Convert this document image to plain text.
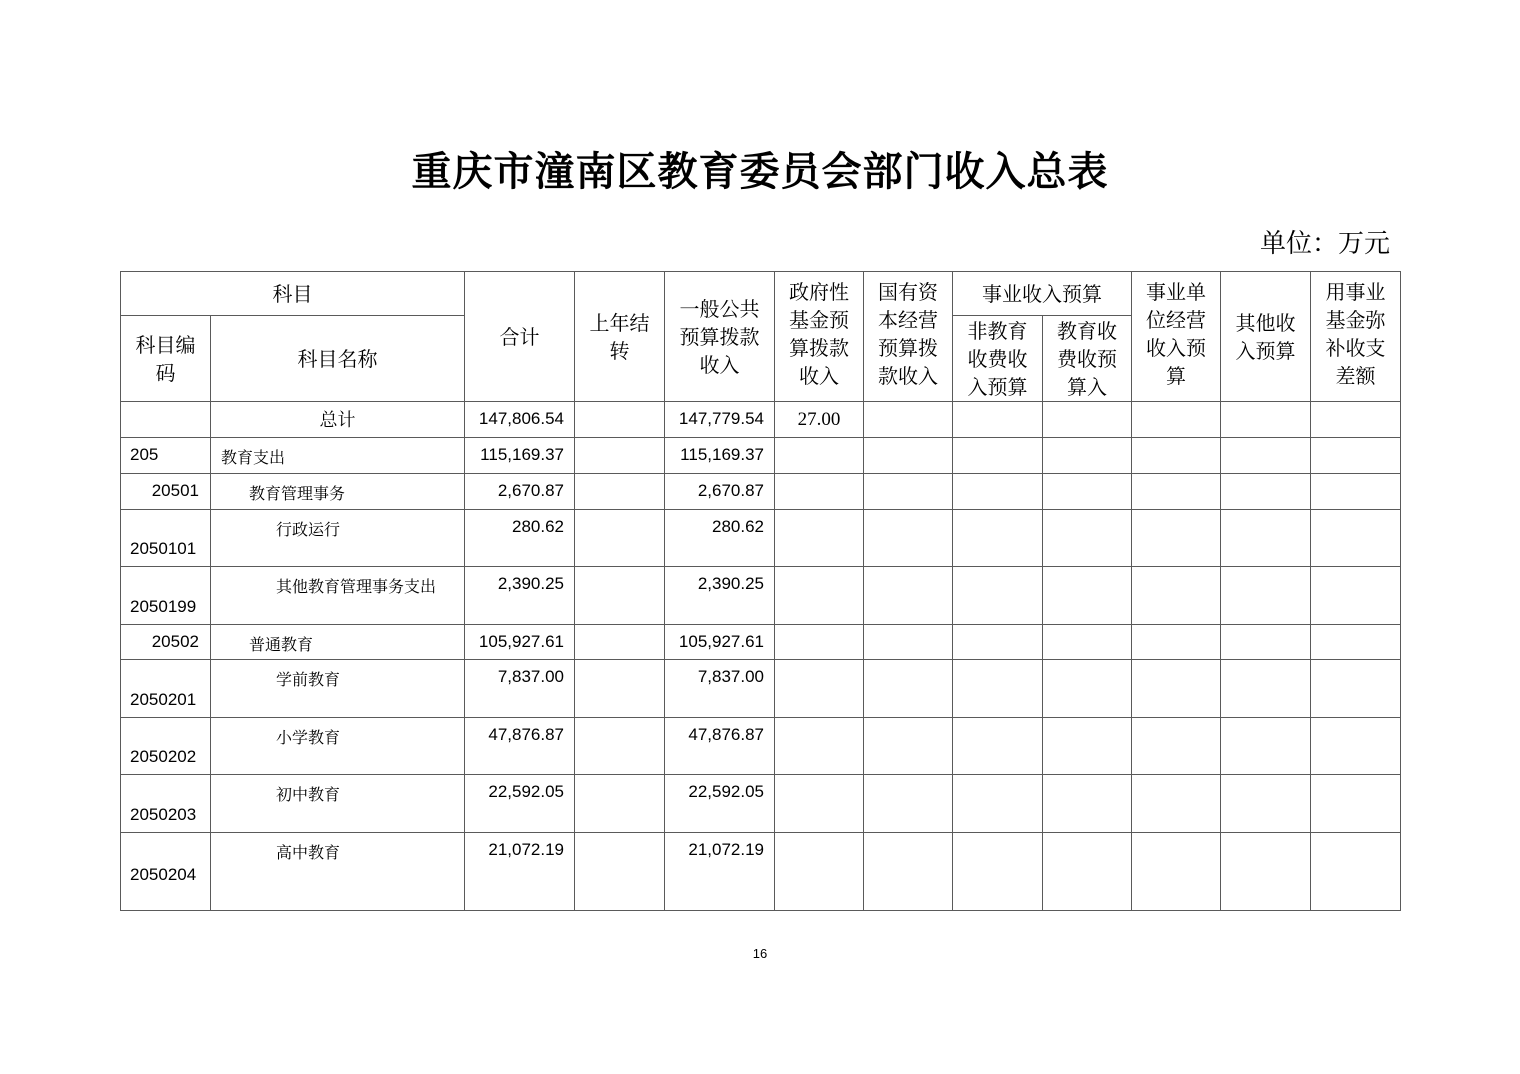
重庆市潼南区教育委员会部门收入总表
单位：万元
科目		合计	上年结转	一般公共预算拨款收入	政府性基金预算拨款收入	国有资本经营预算拨款收入	事业收入预算		事业单位经营收入预算	其他收入预算	用事业基金弥补收支差额

科目编码	科目名称						非教育收费收入预算	教育收费收预算入			

	总计	147,806.54		147,779.54	27.00						
205	教育支出	115,169.37		115,169.37							
20501	教育管理事务	2,670.87		2,670.87							
2050101	行政运行	280.62		280.62							
2050199	其他教育管理事务支出	2,390.25		2,390.25							
20502	普通教育	105,927.61		105,927.61							
2050201	学前教育	7,837.00		7,837.00							
2050202	小学教育	47,876.87		47,876.87							
2050203	初中教育	22,592.05		22,592.05							
2050204	高中教育	21,072.19		21,072.19							
16
